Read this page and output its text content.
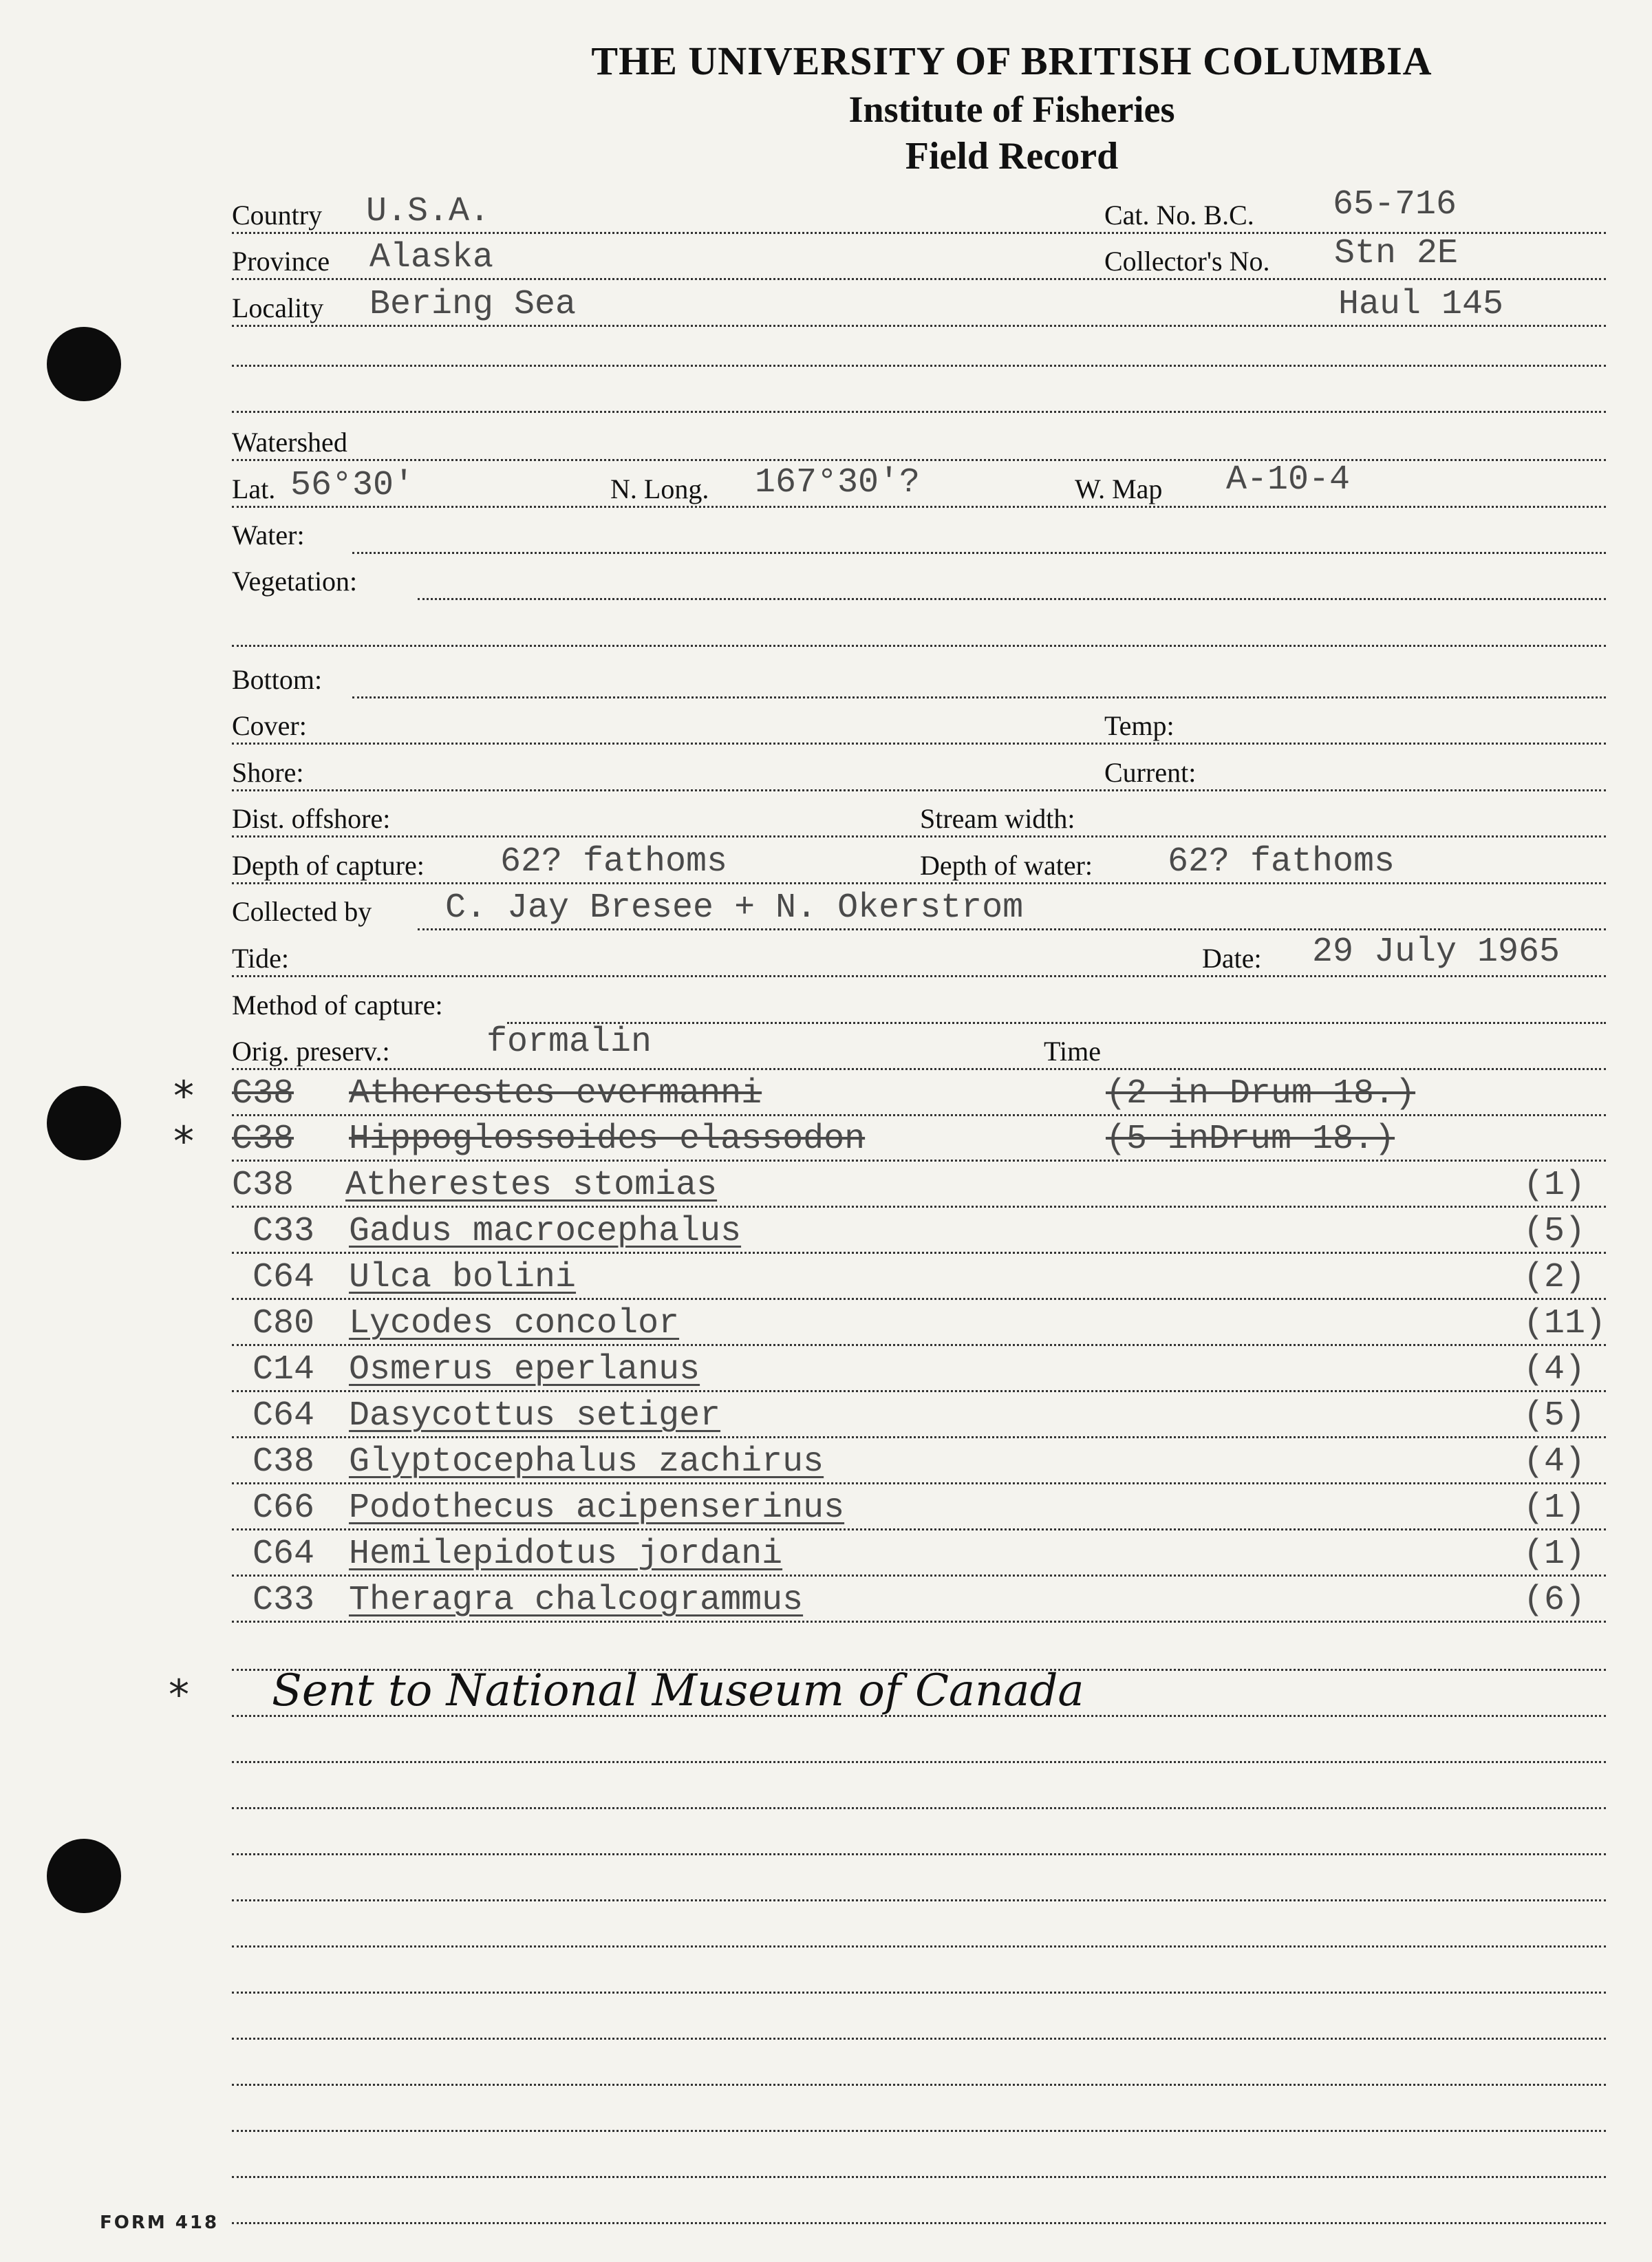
THE UNIVERSITY OF BRITISH COLUMBIA
Institute of Fisheries
Field Record
Country U.S.A.	Cat. No. B.C. 65-716
Province Alaska	Collector's No. Stn 2E
Locality Bering Sea	Haul 145
Watershed
Lat. 56°30'	N. Long. 167°30'?	W. Map A-10-4
Water:
Vegetation:
Bottom:
Cover:	Temp:
Shore:	Current:
Dist. offshore:	Stream width:
Depth of capture: 62? fathoms	Depth of water: 62? fathoms
Collected by C. Jay Bresee + N. Okerstrom
Tide:	Date: 29 July 1965
Method of capture:
Orig. preserv.:	formalin	Time
* C38 Atherestes evermanni	(2 in Drum 18.)
* C38 Hippoglossoides elassodon	(5 inDrum 18.)
C38 Atherestes stomias	(1)
C33 Gadus macrocephalus	(5)
C64 Ulca bolini	(2)
C80 Lycodes concolor	(11)
C14 Osmerus eperlanus	(4)
C64 Dasycottus setiger	(5)
C38 Glyptocephalus zachirus	(4)
C66 Podothecus acipenserinus	(1)
C64 Hemilepidotus jordani	(1)
C33 Theragra chalcogrammus	(6)
* Sent to National Museum of Canada
FORM 418
